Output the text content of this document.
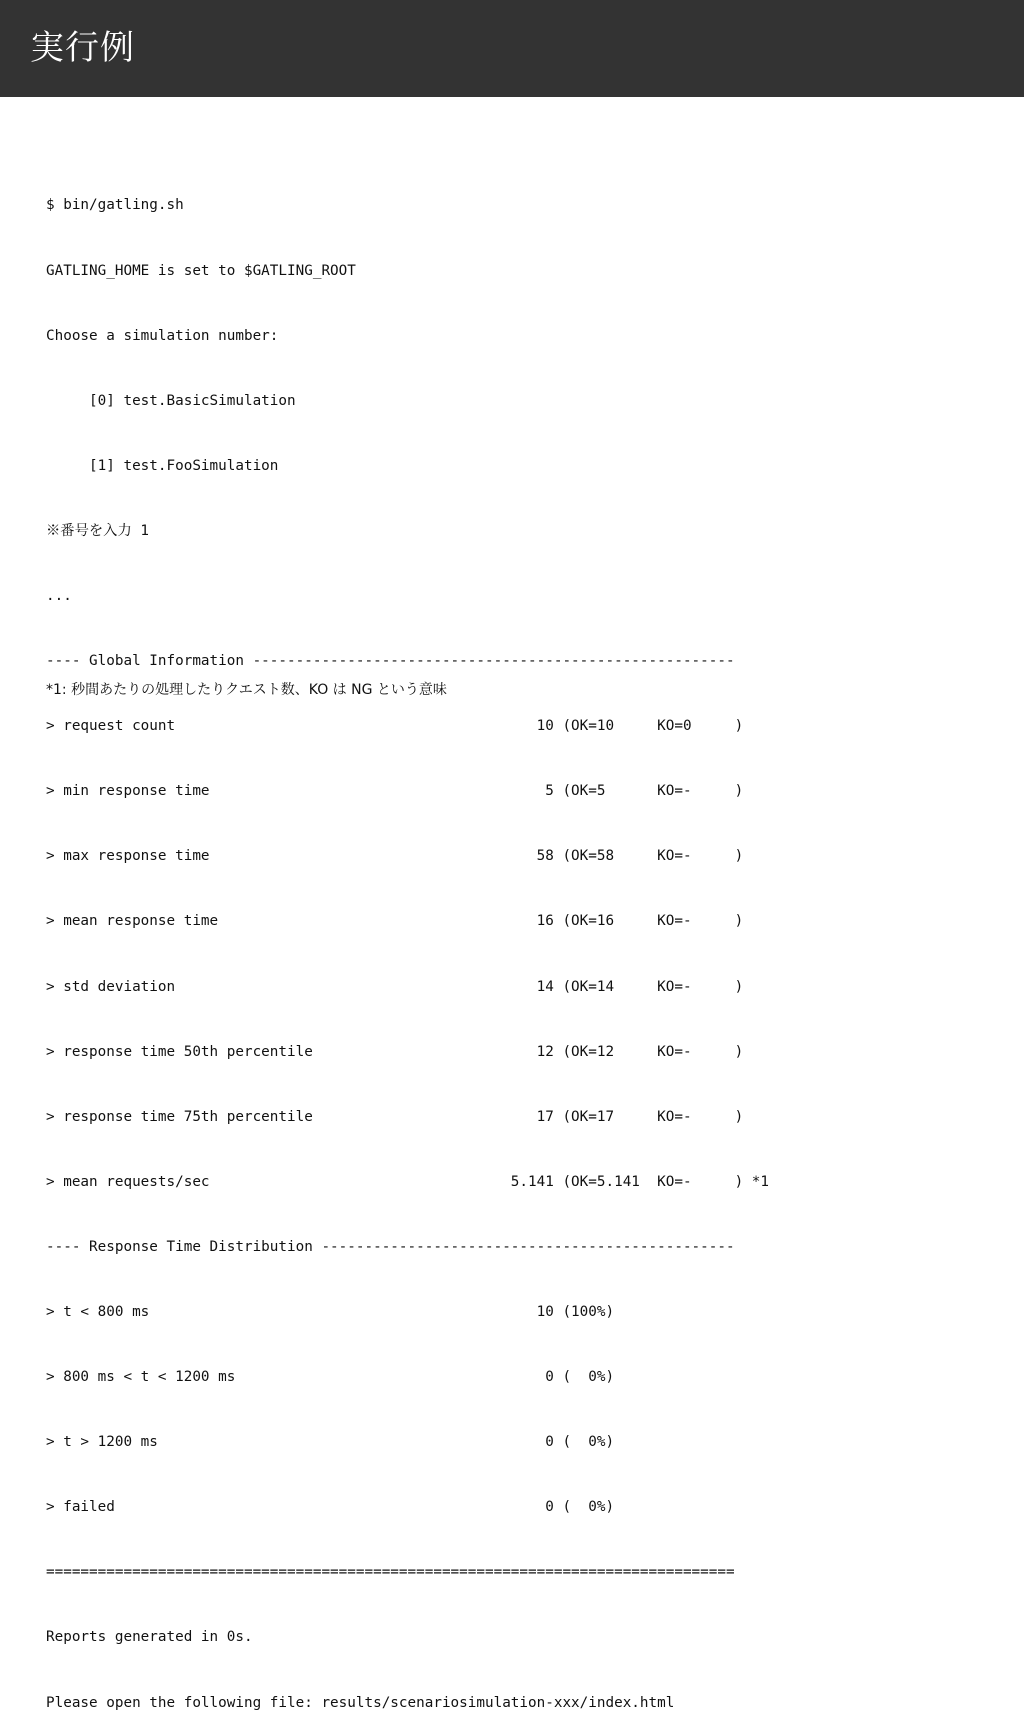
実行例

$ bin/gatling.sh

GATLING_HOME is set to $GATLING_ROOT

Choose a simulation number:

[0] test.BasicSimulation

[1] test.FooSimulation

※番号を入力 1

...

---- Global Information --------------------------------------------------------

> request count                                          10 (OK=10     KO=0     )

> min response time                                       5 (OK=5      KO=-     )

> max response time                                      58 (OK=58     KO=-     )

> mean response time                                     16 (OK=16     KO=-     )

> std deviation                                          14 (OK=14     KO=-     )

> response time 50th percentile                          12 (OK=12     KO=-     )

> response time 75th percentile                          17 (OK=17     KO=-     )

> mean requests/sec                                   5.141 (OK=5.141  KO=-     ) *1

---- Response Time Distribution ------------------------------------------------

> t < 800 ms                                             10 (100%)

> 800 ms < t < 1200 ms                                    0 (  0%)

> t > 1200 ms                                             0 (  0%)

> failed                                                  0 (  0%)

================================================================================

Reports generated in 0s.

Please open the following file: results/scenariosimulation-xxx/index.html

*1: 秒間あたりの処理したりクエスト数、KO は NG という意味
